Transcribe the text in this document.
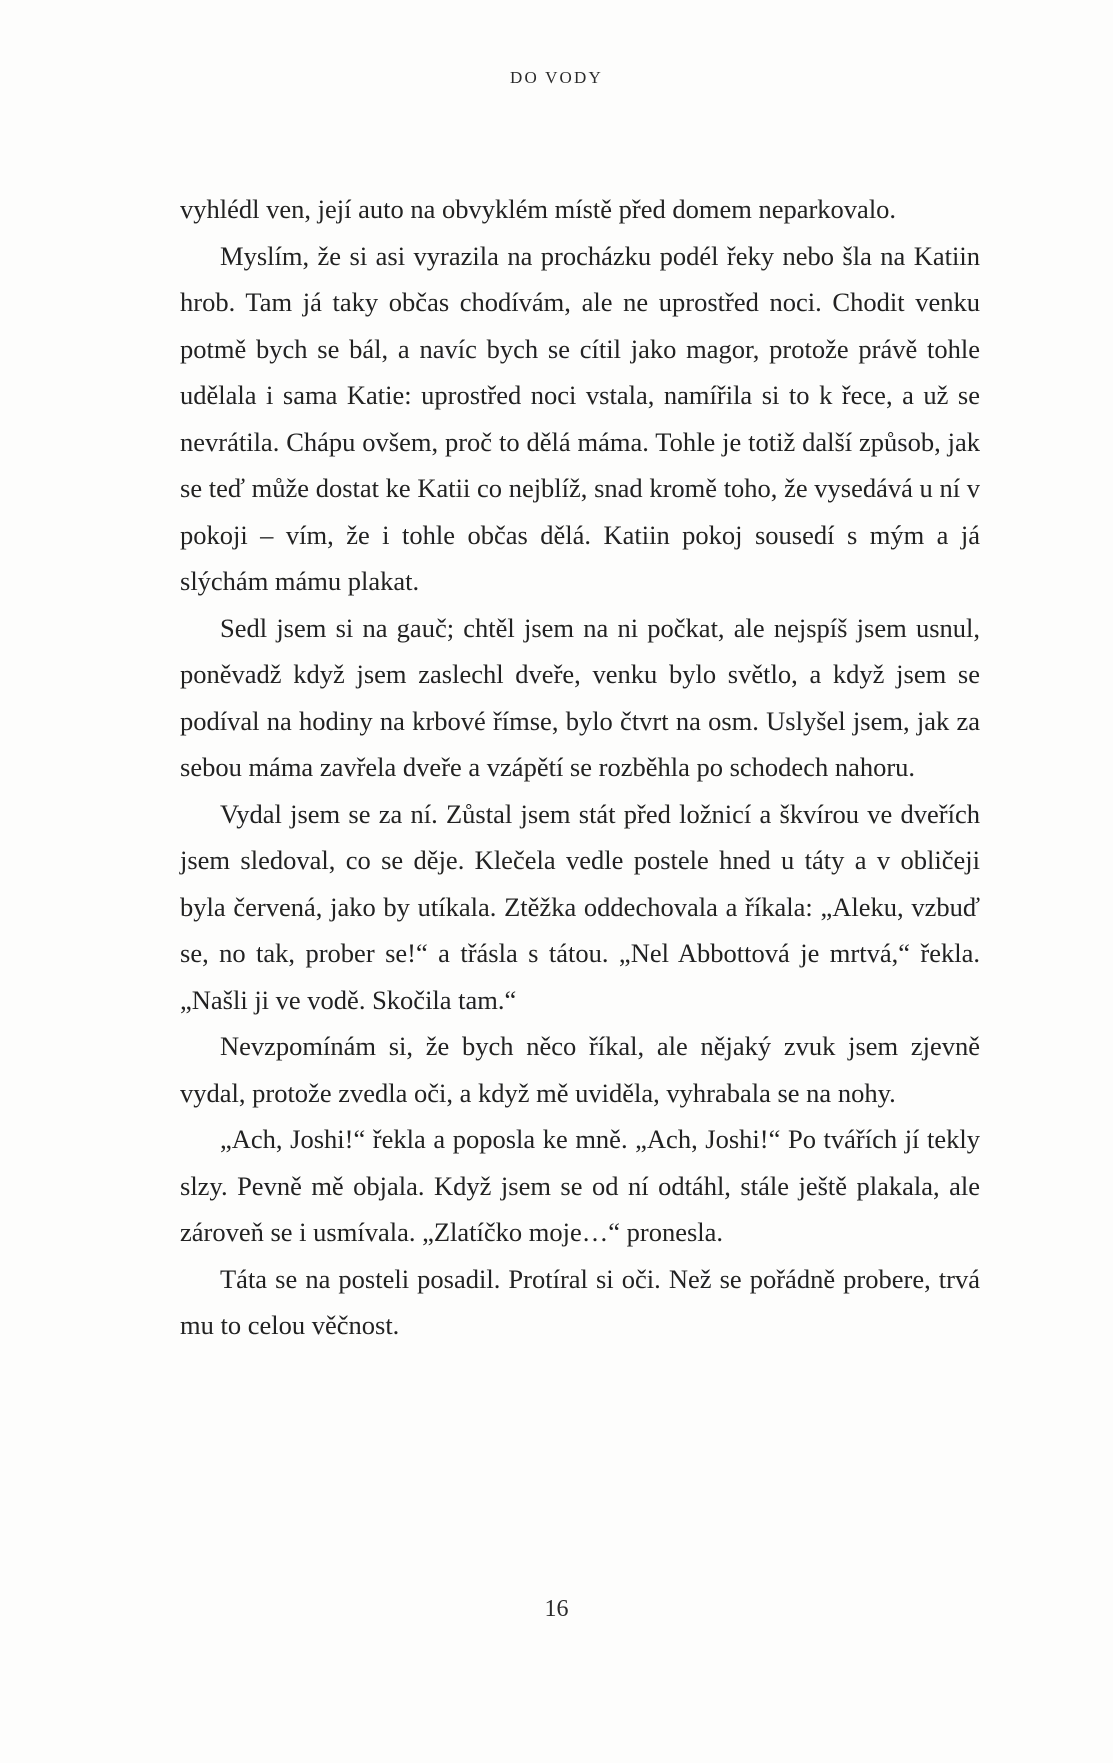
DO VODY

vyhlédl ven, její auto na obvyklém místě před domem neparkovalo.

Myslím, že si asi vyrazila na procházku podél řeky nebo šla na Katiin hrob. Tam já taky občas chodívám, ale ne uprostřed noci. Chodit venku potmě bych se bál, a navíc bych se cítil jako magor, protože právě tohle udělala i sama Katie: uprostřed noci vstala, namířila si to k řece, a už se nevrátila. Chápu ovšem, proč to dělá máma. Tohle je totiž další způsob, jak se teď může dostat ke Katii co nejblíž, snad kromě toho, že vysedává u ní v pokoji – vím, že i tohle občas dělá. Katiin pokoj sousedí s mým a já slýchám mámu plakat.

Sedl jsem si na gauč; chtěl jsem na ni počkat, ale nejspíš jsem usnul, poněvadž když jsem zaslechl dveře, venku bylo světlo, a když jsem se podíval na hodiny na krbové římse, bylo čtvrt na osm. Uslyšel jsem, jak za sebou máma zavřela dveře a vzápětí se rozběhla po schodech nahoru.

Vydal jsem se za ní. Zůstal jsem stát před ložnicí a škvírou ve dveřích jsem sledoval, co se děje. Klečela vedle postele hned u táty a v obličeji byla červená, jako by utíkala. Ztěžka oddechovala a říkala: „Aleku, vzbuď se, no tak, prober se!“ a třásla s tátou. „Nel Abbottová je mrtvá,“ řekla. „Našli ji ve vodě. Skočila tam.“

Nevzpomínám si, že bych něco říkal, ale nějaký zvuk jsem zjevně vydal, protože zvedla oči, a když mě uviděla, vyhrabala se na nohy.

„Ach, Joshi!“ řekla a poposla ke mně. „Ach, Joshi!“ Po tvářích jí tekly slzy. Pevně mě objala. Když jsem se od ní odtáhl, stále ještě plakala, ale zároveň se i usmívala. „Zlatíčko moje…“ pronesla.

Táta se na posteli posadil. Protíral si oči. Než se pořádně probere, trvá mu to celou věčnost.

16
